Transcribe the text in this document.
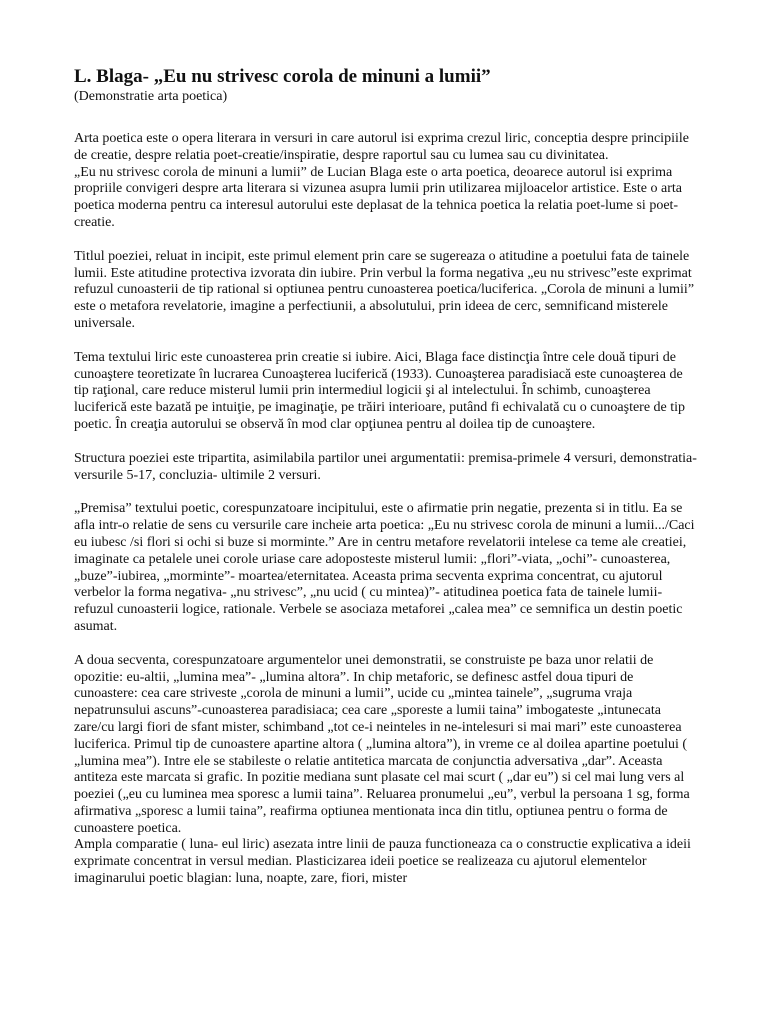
L. Blaga- „Eu nu strivesc corola de minuni a lumii”

(Demonstratie arta poetica)

Arta poetica este o opera literara in versuri in care autorul isi exprima crezul liric, conceptia despre principiile de creatie, despre relatia poet-creatie/inspiratie, despre raportul sau cu lumea sau cu divinitatea.

„Eu nu strivesc corola de minuni a lumii” de Lucian Blaga este o arta poetica, deoarece autorul isi exprima propriile convigeri despre arta literara si vizunea asupra lumii prin utilizarea mijloacelor artistice. Este o arta poetica moderna pentru ca interesul autorului este deplasat de la tehnica poetica la relatia poet-lume si poet-creatie.

Titlul poeziei, reluat in incipit, este primul element prin care se sugereaza o atitudine a poetului fata de tainele lumii. Este atitudine protectiva izvorata din iubire. Prin verbul la forma negativa „eu nu strivesc”este exprimat refuzul cunoasterii de tip rational si optiunea pentru cunoasterea poetica/luciferica. „Corola de minuni a lumii” este o metafora revelatorie, imagine a perfectiunii, a absolutului, prin ideea de cerc, semnificand misterele universale.

Tema textului liric este cunoasterea prin creatie si iubire. Aici, Blaga face distincţia între cele două tipuri de cunoaştere teoretizate în lucrarea Cunoaşterea luciferică (1933). Cunoaşterea paradisiacă este cunoaşterea de tip raţional, care reduce misterul lumii prin intermediul logicii şi al intelectului. În schimb, cunoaşterea luciferică este bazată pe intuiţie, pe imaginaţie, pe trăiri interioare, putând fi echivalată cu o cunoaştere de tip poetic. În creaţia autorului se observă în mod clar opţiunea pentru al doilea tip de cunoaştere.

Structura poeziei este tripartita, asimilabila partilor unei argumentatii: premisa-primele 4 versuri, demonstratia- versurile 5-17, concluzia- ultimile 2 versuri.

„Premisa” textului poetic, corespunzatoare incipitului, este o afirmatie prin negatie, prezenta si in titlu. Ea se afla intr-o relatie de sens cu versurile care incheie arta poetica: „Eu nu strivesc corola de minuni a lumii.../Caci eu iubesc /si flori si ochi si buze si morminte.” Are in centru metafore revelatorii intelese ca teme ale creatiei, imaginate ca petalele unei corole uriase care adoposteste misterul lumii: „flori”-viata, „ochi”- cunoasterea, „buze”-iubirea, „morminte”- moartea/eternitatea. Aceasta prima secventa exprima concentrat, cu ajutorul verbelor la forma negativa- „nu strivesc”, „nu ucid ( cu mintea)”- atitudinea poetica fata de tainele lumii-refuzul cunoasterii logice, rationale. Verbele se asociaza metaforei „calea mea” ce semnifica un destin poetic asumat.

A doua secventa, corespunzatoare argumentelor unei demonstratii, se construiste pe baza unor relatii de opozitie: eu-altii, „lumina mea”- „lumina altora”. In chip metaforic, se definesc astfel doua tipuri de cunoastere: cea care striveste „corola de minuni a lumii”, ucide cu „mintea tainele”, „sugruma vraja nepatrunsului ascuns”-cunoasterea paradisiaca; cea care „sporeste a lumii taina” imbogateste „intunecata zare/cu largi fiori de sfant mister, schimband „tot ce-i neinteles in ne-intelesuri si mai mari” este cunoasterea luciferica. Primul tip de cunoastere apartine altora ( „lumina altora”), in vreme ce al doilea apartine poetului ( „lumina mea”). Intre ele se stabileste o relatie antitetica marcata de conjunctia adversativa „dar”. Aceasta antiteza este marcata si grafic. In pozitie mediana sunt plasate cel mai scurt ( „dar eu”) si cel mai lung vers al poeziei („eu cu luminea mea sporesc a lumii taina”. Reluarea pronumelui „eu”, verbul la persoana 1 sg, forma afirmativa „sporesc a lumii taina”, reafirma optiunea mentionata inca din titlu, optiunea pentru o forma de cunoastere poetica.

Ampla comparatie ( luna- eul liric) asezata intre linii de pauza functioneaza ca o constructie explicativa a ideii exprimate concentrat in versul median. Plasticizarea ideii poetice se realizeaza cu ajutorul elementelor imaginarului poetic blagian: luna, noapte, zare, fiori, mister
